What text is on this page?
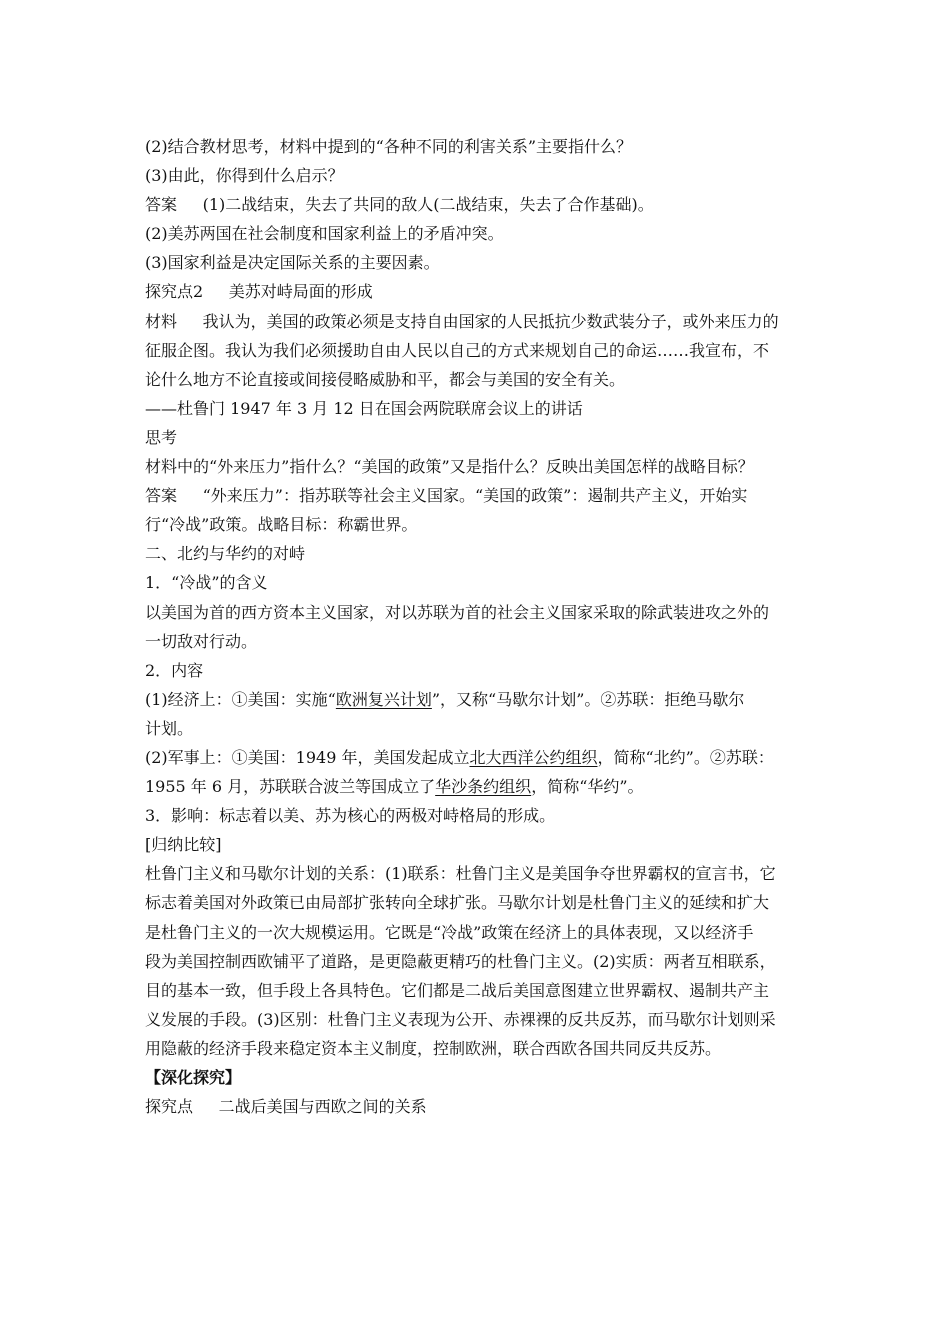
(2)结合教材思考，材料中提到的“各种不同的利害关系”主要指什么？
(3)由此，你得到什么启示？
答案 (1)二战结束，失去了共同的敌人(二战结束，失去了合作基础)。
(2)美苏两国在社会制度和国家利益上的矛盾冲突。
(3)国家利益是决定国际关系的主要因素。
探究点2 美苏对峙局面的形成
材料 我认为，美国的政策必须是支持自由国家的人民抵抗少数武装分子，或外来压力的
征服企图。我认为我们必须援助自由人民以自己的方式来规划自己的命运……我宣布，不
论什么地方不论直接或间接侵略威胁和平，都会与美国的安全有关。
——杜鲁门 1947 年 3 月 12 日在国会两院联席会议上的讲话
思考
材料中的“外来压力”指什么？“美国的政策”又是指什么？反映出美国怎样的战略目标？
答案 “外来压力”：指苏联等社会主义国家。“美国的政策”：遏制共产主义，开始实
行“冷战”政策。战略目标：称霸世界。
二、北约与华约的对峙
1．“冷战”的含义
以美国为首的西方资本主义国家，对以苏联为首的社会主义国家采取的除武装进攻之外的
一切敌对行动。
2．内容
(1)经济上：①美国：实施“欧洲复兴计划”，又称“马歇尔计划”。②苏联：拒绝马歇尔
计划。
(2)军事上：①美国：1949 年，美国发起成立北大西洋公约组织，简称“北约”。②苏联：
1955 年 6 月，苏联联合波兰等国成立了华沙条约组织，简称“华约”。
3．影响：标志着以美、苏为核心的两极对峙格局的形成。
[归纳比较]
杜鲁门主义和马歇尔计划的关系：(1)联系：杜鲁门主义是美国争夺世界霸权的宣言书，它
标志着美国对外政策已由局部扩张转向全球扩张。马歇尔计划是杜鲁门主义的延续和扩大
是杜鲁门主义的一次大规模运用。它既是“冷战”政策在经济上的具体表现，又以经济手
段为美国控制西欧铺平了道路，是更隐蔽更精巧的杜鲁门主义。(2)实质：两者互相联系，
目的基本一致，但手段上各具特色。它们都是二战后美国意图建立世界霸权、遏制共产主
义发展的手段。(3)区别：杜鲁门主义表现为公开、赤裸裸的反共反苏，而马歇尔计划则采
用隐蔽的经济手段来稳定资本主义制度，控制欧洲，联合西欧各国共同反共反苏。
【深化探究】
探究点 二战后美国与西欧之间的关系
